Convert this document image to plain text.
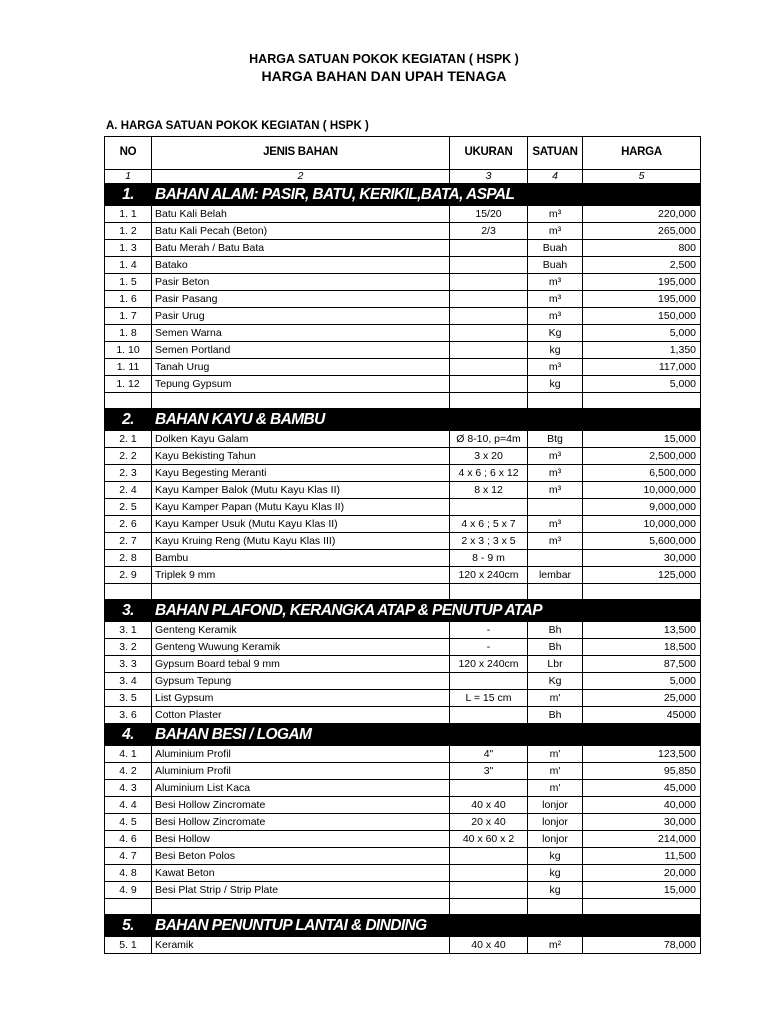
HARGA SATUAN POKOK KEGIATAN ( HSPK )
HARGA BAHAN DAN UPAH TENAGA
A. HARGA SATUAN POKOK KEGIATAN ( HSPK )
NO	JENIS BAHAN	UKURAN	SATUAN	HARGA
1	2	3	4	5
1.	BAHAN ALAM: PASIR, BATU, KERIKIL,BATA, ASPAL			
1. 1	Batu Kali Belah	15/20	m³	220,000
1. 2	Batu Kali Pecah (Beton)	2/3	m³	265,000
1. 3	Batu Merah / Batu Bata		Buah	800
1. 4	Batako		Buah	2,500
1. 5	Pasir Beton		m³	195,000
1. 6	Pasir Pasang		m³	195,000
1. 7	Pasir Urug		m³	150,000
1. 8	Semen Warna		Kg	5,000
1. 10	Semen Portland		kg	1,350
1. 11	Tanah Urug		m³	117,000
1. 12	Tepung Gypsum		kg	5,000

2.	BAHAN KAYU & BAMBU			
2. 1	Dolken Kayu Galam	Ø 8-10, p=4m	Btg	15,000
2. 2	Kayu Bekisting Tahun	3 x 20	m³	2,500,000
2. 3	Kayu Begesting Meranti	4 x 6 ; 6 x 12	m³	6,500,000
2. 4	Kayu Kamper Balok (Mutu Kayu Klas II)	8 x 12	m³	10,000,000
2. 5	Kayu Kamper Papan (Mutu Kayu Klas II)			9,000,000
2. 6	Kayu Kamper Usuk (Mutu Kayu Klas II)	4 x 6 ; 5 x 7	m³	10,000,000
2. 7	Kayu Kruing Reng (Mutu Kayu Klas III)	2 x 3 ; 3 x 5	m³	5,600,000
2. 8	Bambu	8 - 9 m		30,000
2. 9	Triplek 9 mm	120 x 240cm	lembar	125,000

3.	BAHAN PLAFOND, KERANGKA ATAP & PENUTUP ATAP			
3. 1	Genteng Keramik	-	Bh	13,500
3. 2	Genteng Wuwung Keramik	-	Bh	18,500
3. 3	Gypsum Board tebal 9 mm	120 x 240cm	Lbr	87,500
3. 4	Gypsum Tepung		Kg	5,000
3. 5	List Gypsum	L = 15 cm	m'	25,000
3. 6	Cotton Plaster		Bh	45000
4.	BAHAN BESI / LOGAM			
4. 1	Aluminium Profil	4"	m'	123,500
4. 2	Aluminium Profil	3"	m'	95,850
4. 3	Aluminium List Kaca		m'	45,000
4. 4	Besi Hollow Zincromate	40 x 40	lonjor	40,000
4. 5	Besi Hollow Zincromate	20 x 40	lonjor	30,000
4. 6	Besi Hollow	40 x 60 x 2	lonjor	214,000
4. 7	Besi Beton Polos		kg	11,500
4. 8	Kawat Beton		kg	20,000
4. 9	Besi Plat Strip / Strip Plate		kg	15,000

5.	BAHAN PENUNTUP LANTAI & DINDING			
5. 1	Keramik	40 x 40	m²	78,000
